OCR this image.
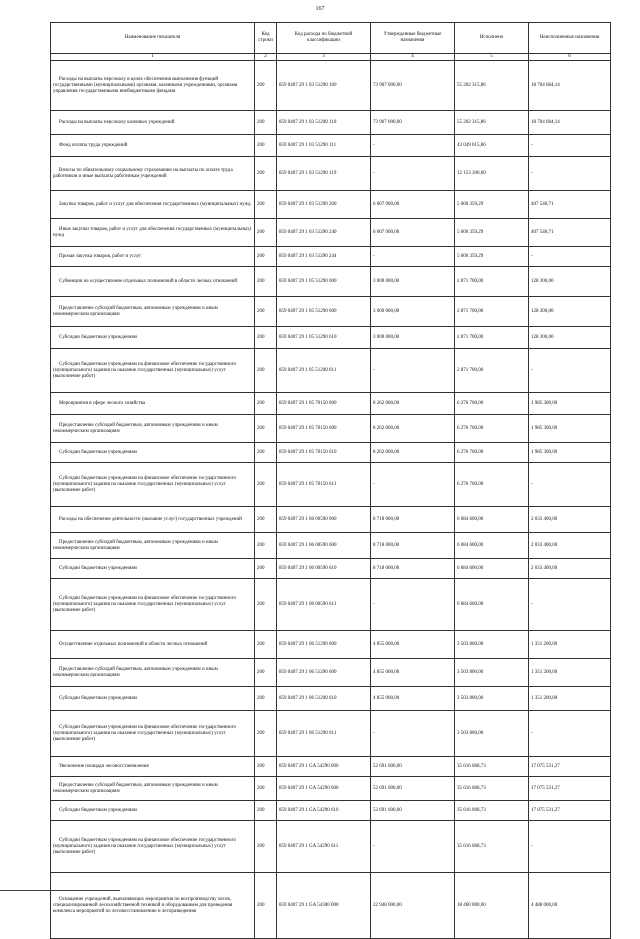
167
Наименование показателя	Код строки	Код расхода по бюджетной классификации	Утвержденные бюджетные назначения	Исполнено	Неисполненные назначения
1	2	3	4	5	6
Расходы на выплаты персоналу в целях обеспечения выполнения функций государственными (муниципальными) органами, казенными учреждениями, органами управления государственными внебюджетными фондами	200	859 0407 29 1 03 51290 100	73 907 000,00	55 202 315,86	18 704 684,14
Расходы на выплаты персоналу казенных учреждений	200	859 0407 29 1 03 51290 110	73 907 000,00	55 202 315,86	18 704 684,14
Фонд оплаты труда учреждений	200	859 0407 29 1 03 51290 111	-	43 049 015,86	-
Взносы по обязательному социальному страхованию на выплаты по оплате труда работников и иные выплаты работникам учреждений	200	859 0407 29 1 03 51290 119	-	12 153 300,00	-
Закупка товаров, работ и услуг для обеспечения государственных (муниципальных) нужд	200	859 0407 29 1 03 51290 200	6 007 900,00	5 600 359,29	407 540,71
Иные закупки товаров, работ и услуг для обеспечения государственных (муниципальных) нужд	200	859 0407 29 1 03 51290 240	6 007 900,00	5 600 359,29	407 540,71
Прочая закупка товаров, работ и услуг	200	859 0407 29 1 03 51290 244	-	5 600 359,29	-
Субвенции на осуществление отдельных полномочий в области лесных отношений	200	859 0407 29 1 05 51290 000	3 000 000,00	2 871 700,00	128 300,00
Предоставление субсидий бюджетным, автономным учреждениям и иным некоммерческим организациям	200	859 0407 29 1 05 51290 600	3 000 000,00	2 871 700,00	128 300,00
Субсидии бюджетным учреждениям	200	859 0407 29 1 05 51290 610	3 000 000,00	2 871 700,00	128 300,00
Субсидии бюджетным учреждениям на финансовое обеспечение государственного (муниципального) задания на оказание государственных (муниципальных) услуг (выполнение работ)	200	859 0407 29 1 05 51290 611	-	2 871 700,00	-
Мероприятия в сфере лесного хозяйства	200	859 0407 29 1 05 70150 000	8 262 000,00	6 276 700,00	1 985 300,00
Предоставление субсидий бюджетным, автономным учреждениям и иным некоммерческим организациям	200	859 0407 29 1 05 70150 600	8 262 000,00	6 276 700,00	1 985 300,00
Субсидии бюджетным учреждениям	200	859 0407 29 1 05 70150 610	8 262 000,00	6 276 700,00	1 985 300,00
Субсидии бюджетным учреждениям на финансовое обеспечение государственного (муниципального) задания на оказание государственных (муниципальных) услуг (выполнение работ)	200	859 0407 29 1 05 70150 611	-	6 276 700,00	-
Расходы на обеспечение деятельности (оказание услуг) государственных учреждений	200	859 0407 29 1 06 00590 000	8 718 000,00	6 684 600,00	2 033 400,00
Предоставление субсидий бюджетным, автономным учреждениям и иным некоммерческим организациям	200	859 0407 29 1 06 00590 600	8 718 000,00	6 684 600,00	2 033 400,00
Субсидии бюджетным учреждениям	200	859 0407 29 1 06 00590 610	8 718 000,00	6 684 600,00	2 033 400,00
Субсидии бюджетным учреждениям на финансовое обеспечение государственного (муниципального) задания на оказание государственных (муниципальных) услуг (выполнение работ)	200	859 0407 29 1 06 00590 611	-	6 684 600,00	-
Осуществление отдельных полномочий в области лесных отношений	200	859 0407 29 1 06 51290 000	4 855 000,00	3 503 800,00	1 351 200,00
Предоставление субсидий бюджетным, автономным учреждениям и иным некоммерческим организациям	200	859 0407 29 1 06 51290 600	4 855 000,00	3 503 800,00	1 351 200,00
Субсидии бюджетным учреждениям	200	859 0407 29 1 06 51290 610	4 855 000,00	3 503 800,00	1 351 200,00
Субсидии бюджетным учреждениям на финансовое обеспечение государственного (муниципального) задания на оказание государственных (муниципальных) услуг (выполнение работ)	200	859 0407 29 1 06 51290 611	-	3 503 800,00	-
Увеличение площади лесовосстановления	200	859 0407 29 1 GA 54290 000	52 691 600,00	35 616 068,73	17 075 531,27
Предоставление субсидий бюджетным, автономным учреждениям и иным некоммерческим организациям	200	859 0407 29 1 GA 54290 600	52 691 600,00	35 616 068,73	17 075 531,27
Субсидии бюджетным учреждениям	200	859 0407 29 1 GA 54290 610	52 691 600,00	35 616 068,73	17 075 531,27
Субсидии бюджетным учреждениям на финансовое обеспечение государственного (муниципального) задания на оказание государственных (муниципальных) услуг (выполнение работ)	200	859 0407 29 1 GA 54290 611	-	35 616 068,73	-
Оснащение учреждений, выполняющих мероприятия по воспроизводству лесов, специализированной лесохозяйственной техникой и оборудованием для проведения комплекса мероприятий по лесовосстановлению и лесоразведению	200	859 0407 29 1 GA 54300 000	22 948 000,00	18 460 000,00	4 488 000,00
